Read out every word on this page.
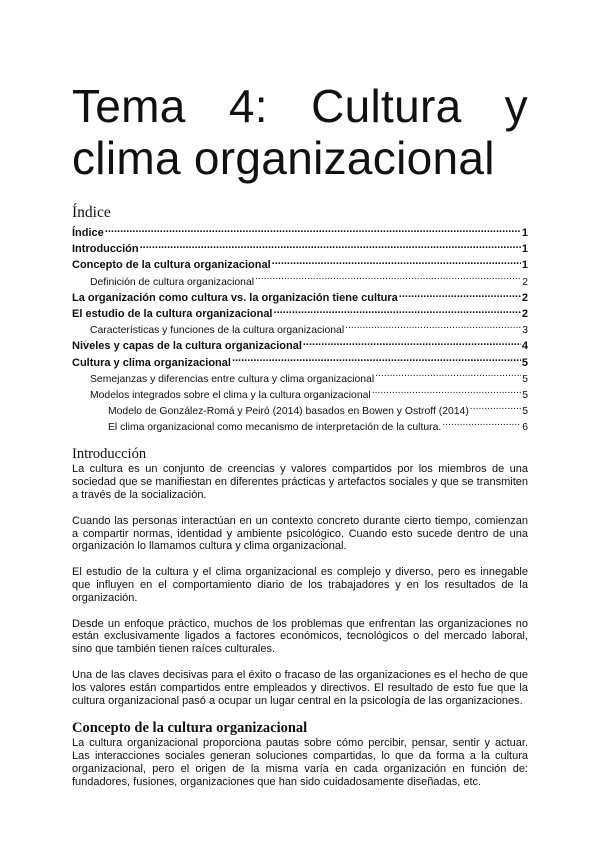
Tema 4: Cultura y
clima organizacional
Índice
Índice .....	1
Introducción .....	1
Concepto de la cultura organizacional .....	1
Definición de cultura organizacional .....	2
La organización como cultura vs. la organización tiene cultura .....	2
El estudio de la cultura organizacional .....	2
Características y funciones de la cultura organizacional .....	3
Niveles y capas de la cultura organizacional .....	4
Cultura y clima organizacional .....	5
Semejanzas y diferencias entre cultura y clima organizacional .....	5
Modelos integrados sobre el clima y la cultura organizacional .....	5
Modelo de González-Romá y Peiró (2014) basados en Bowen y Ostroff (2014) .....	5
El clima organizacional como mecanismo de interpretación de la cultura. .....	6
Introducción

La cultura es un conjunto de creencias y valores compartidos por los miembros de una sociedad que se manifiestan en diferentes prácticas y artefactos sociales y que se transmiten a través de la socialización.

Cuando las personas interactúan en un contexto concreto durante cierto tiempo, comienzan a compartir normas, identidad y ambiente psicológico. Cuando esto sucede dentro de una organización lo llamamos cultura y clima organizacional.

El estudio de la cultura y el clima organizacional es complejo y diverso, pero es innegable que influyen en el comportamiento diario de los trabajadores y en los resultados de la organización.

Desde un enfoque práctico, muchos de los problemas que enfrentan las organizaciones no están exclusivamente ligados a factores económicos, tecnológicos o del mercado laboral, sino que también tienen raíces culturales.

Una de las claves decisivas para el éxito o fracaso de las organizaciones es el hecho de que los valores están compartidos entre empleados y directivos. El resultado de esto fue que la cultura organizacional pasó a ocupar un lugar central en la psicología de las organizaciones.

Concepto de la cultura organizacional

La cultura organizacional proporciona pautas sobre cómo percibir, pensar, sentir y actuar. Las interacciones sociales generan soluciones compartidas, lo que da forma a la cultura organizacional, pero el origen de la misma varía en cada organización en función de: fundadores, fusiones, organizaciones que han sido cuidadosamente diseñadas, etc.
